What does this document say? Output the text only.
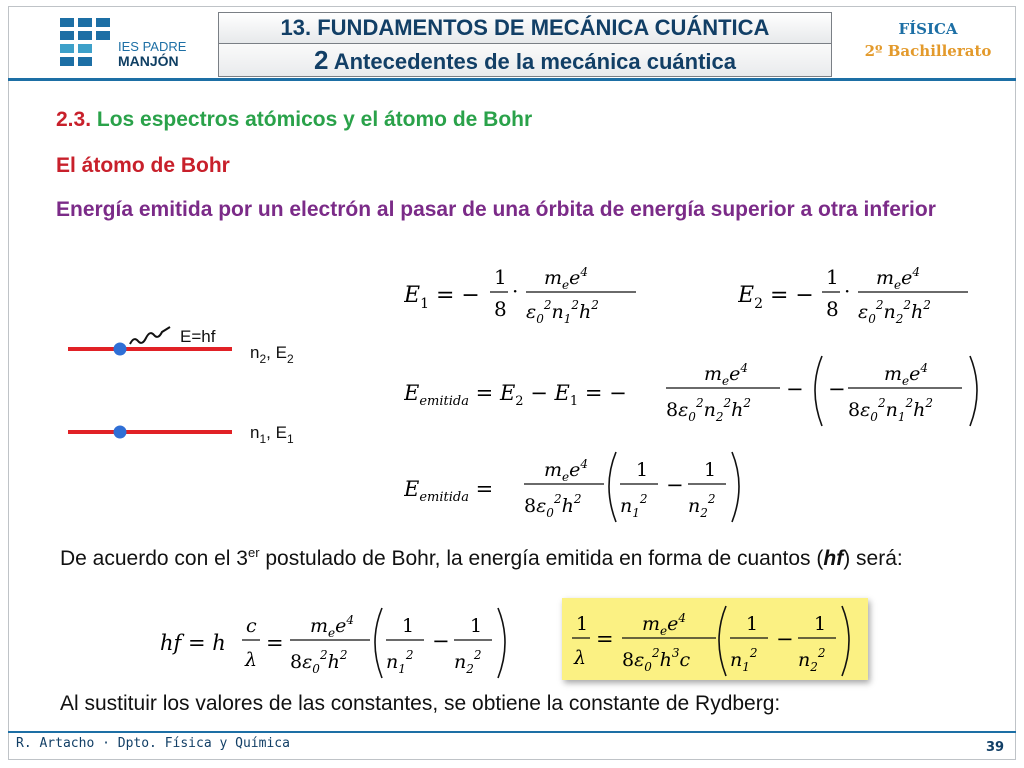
IES PADRE
MANJÓN
13. FUNDAMENTOS DE MECÁNICA CUÁNTICA
2 Antecedentes de la mecánica cuántica
FÍSICA
2º Bachillerato
2.3. Los espectros atómicos y el átomo de Bohr
El átomo de Bohr
Energía emitida por un electrón al pasar de una órbita de energía superior a otra inferior
E=hf
$n_2$, $E_2$
$n_1$, $E_1$
$E_1$ = −
1
8
·
$m_ee^4$
$\varepsilon_0^2n_1^2h^2$	$E_2$ = −
1
8
·
$m_ee^4$
$\varepsilon_0^2n_2^2h^2$
$E_{emitida} = E_2 - E_1$ = −
$m_ee^4$
$8\varepsilon_0^2n_2^2h^2$
− −
$m_ee^4$
$8\varepsilon_0^2n_1^2h^2$
$E_{emitida}$ =
$m_ee^4$
$8\varepsilon_0^2h^2$
1
$n_1^2$
−
1
$n_2^2$
De acuerdo con el 3er postulado de Bohr, la energía emitida en forma de cuantos (hf) será:
hf = h
c
λ
=
$m_ee^4$
$8\varepsilon_0^2h^2$
1
$n_1^2$
−
1
$n_2^2$
1
λ
=
$m_ee^4$
$8\varepsilon_0^2h^3c$
1
$n_1^2$
−
1
$n_2^2$
Al sustituir los valores de las constantes, se obtiene la constante de Rydberg:
R. Artacho · Dpto. Física y Química	39
